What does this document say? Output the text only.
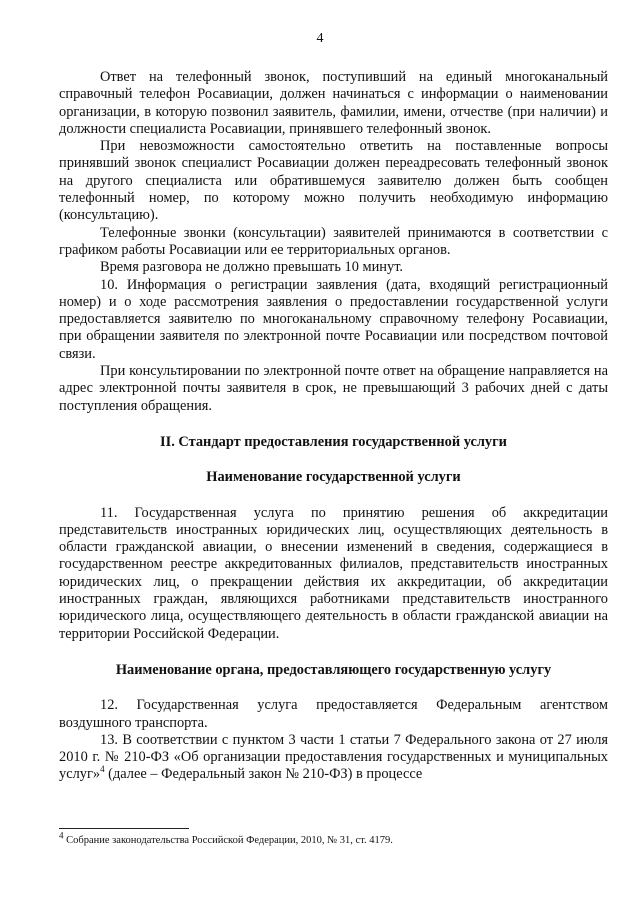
4

Ответ на телефонный звонок, поступивший на единый многоканальный справочный телефон Росавиации, должен начинаться с информации о наименовании организации, в которую позвонил заявитель, фамилии, имени, отчестве (при наличии) и должности специалиста Росавиации, принявшего телефонный звонок.

При невозможности самостоятельно ответить на поставленные вопросы принявший звонок специалист Росавиации должен переадресовать телефонный звонок на другого специалиста или обратившемуся заявителю должен быть сообщен телефонный номер, по которому можно получить необходимую информацию (консультацию).

Телефонные звонки (консультации) заявителей принимаются в соответствии с графиком работы Росавиации или ее территориальных органов.

Время разговора не должно превышать 10 минут.

10. Информация о регистрации заявления (дата, входящий регистрационный номер) и о ходе рассмотрения заявления о предоставлении государственной услуги предоставляется заявителю по многоканальному справочному телефону Росавиации, при обращении заявителя по электронной почте Росавиации или посредством почтовой связи.

При консультировании по электронной почте ответ на обращение направляется на адрес электронной почты заявителя в срок, не превышающий 3 рабочих дней с даты поступления обращения.

II. Стандарт предоставления государственной услуги

Наименование государственной услуги

11. Государственная услуга по принятию решения об аккредитации представительств иностранных юридических лиц, осуществляющих деятельность в области гражданской авиации, о внесении изменений в сведения, содержащиеся в государственном реестре аккредитованных филиалов, представительств иностранных юридических лиц, о прекращении действия их аккредитации, об аккредитации иностранных граждан, являющихся работниками представительств иностранного юридического лица, осуществляющего деятельность в области гражданской авиации на территории Российской Федерации.

Наименование органа, предоставляющего государственную услугу

12. Государственная услуга предоставляется Федеральным агентством воздушного транспорта.

13. В соответствии с пунктом 3 части 1 статьи 7 Федерального закона от 27 июля 2010 г. № 210-ФЗ «Об организации предоставления государственных и муниципальных услуг»$^4$ (далее – Федеральный закон № 210-ФЗ) в процессе

$^4$ Собрание законодательства Российской Федерации, 2010, № 31, ст. 4179.
